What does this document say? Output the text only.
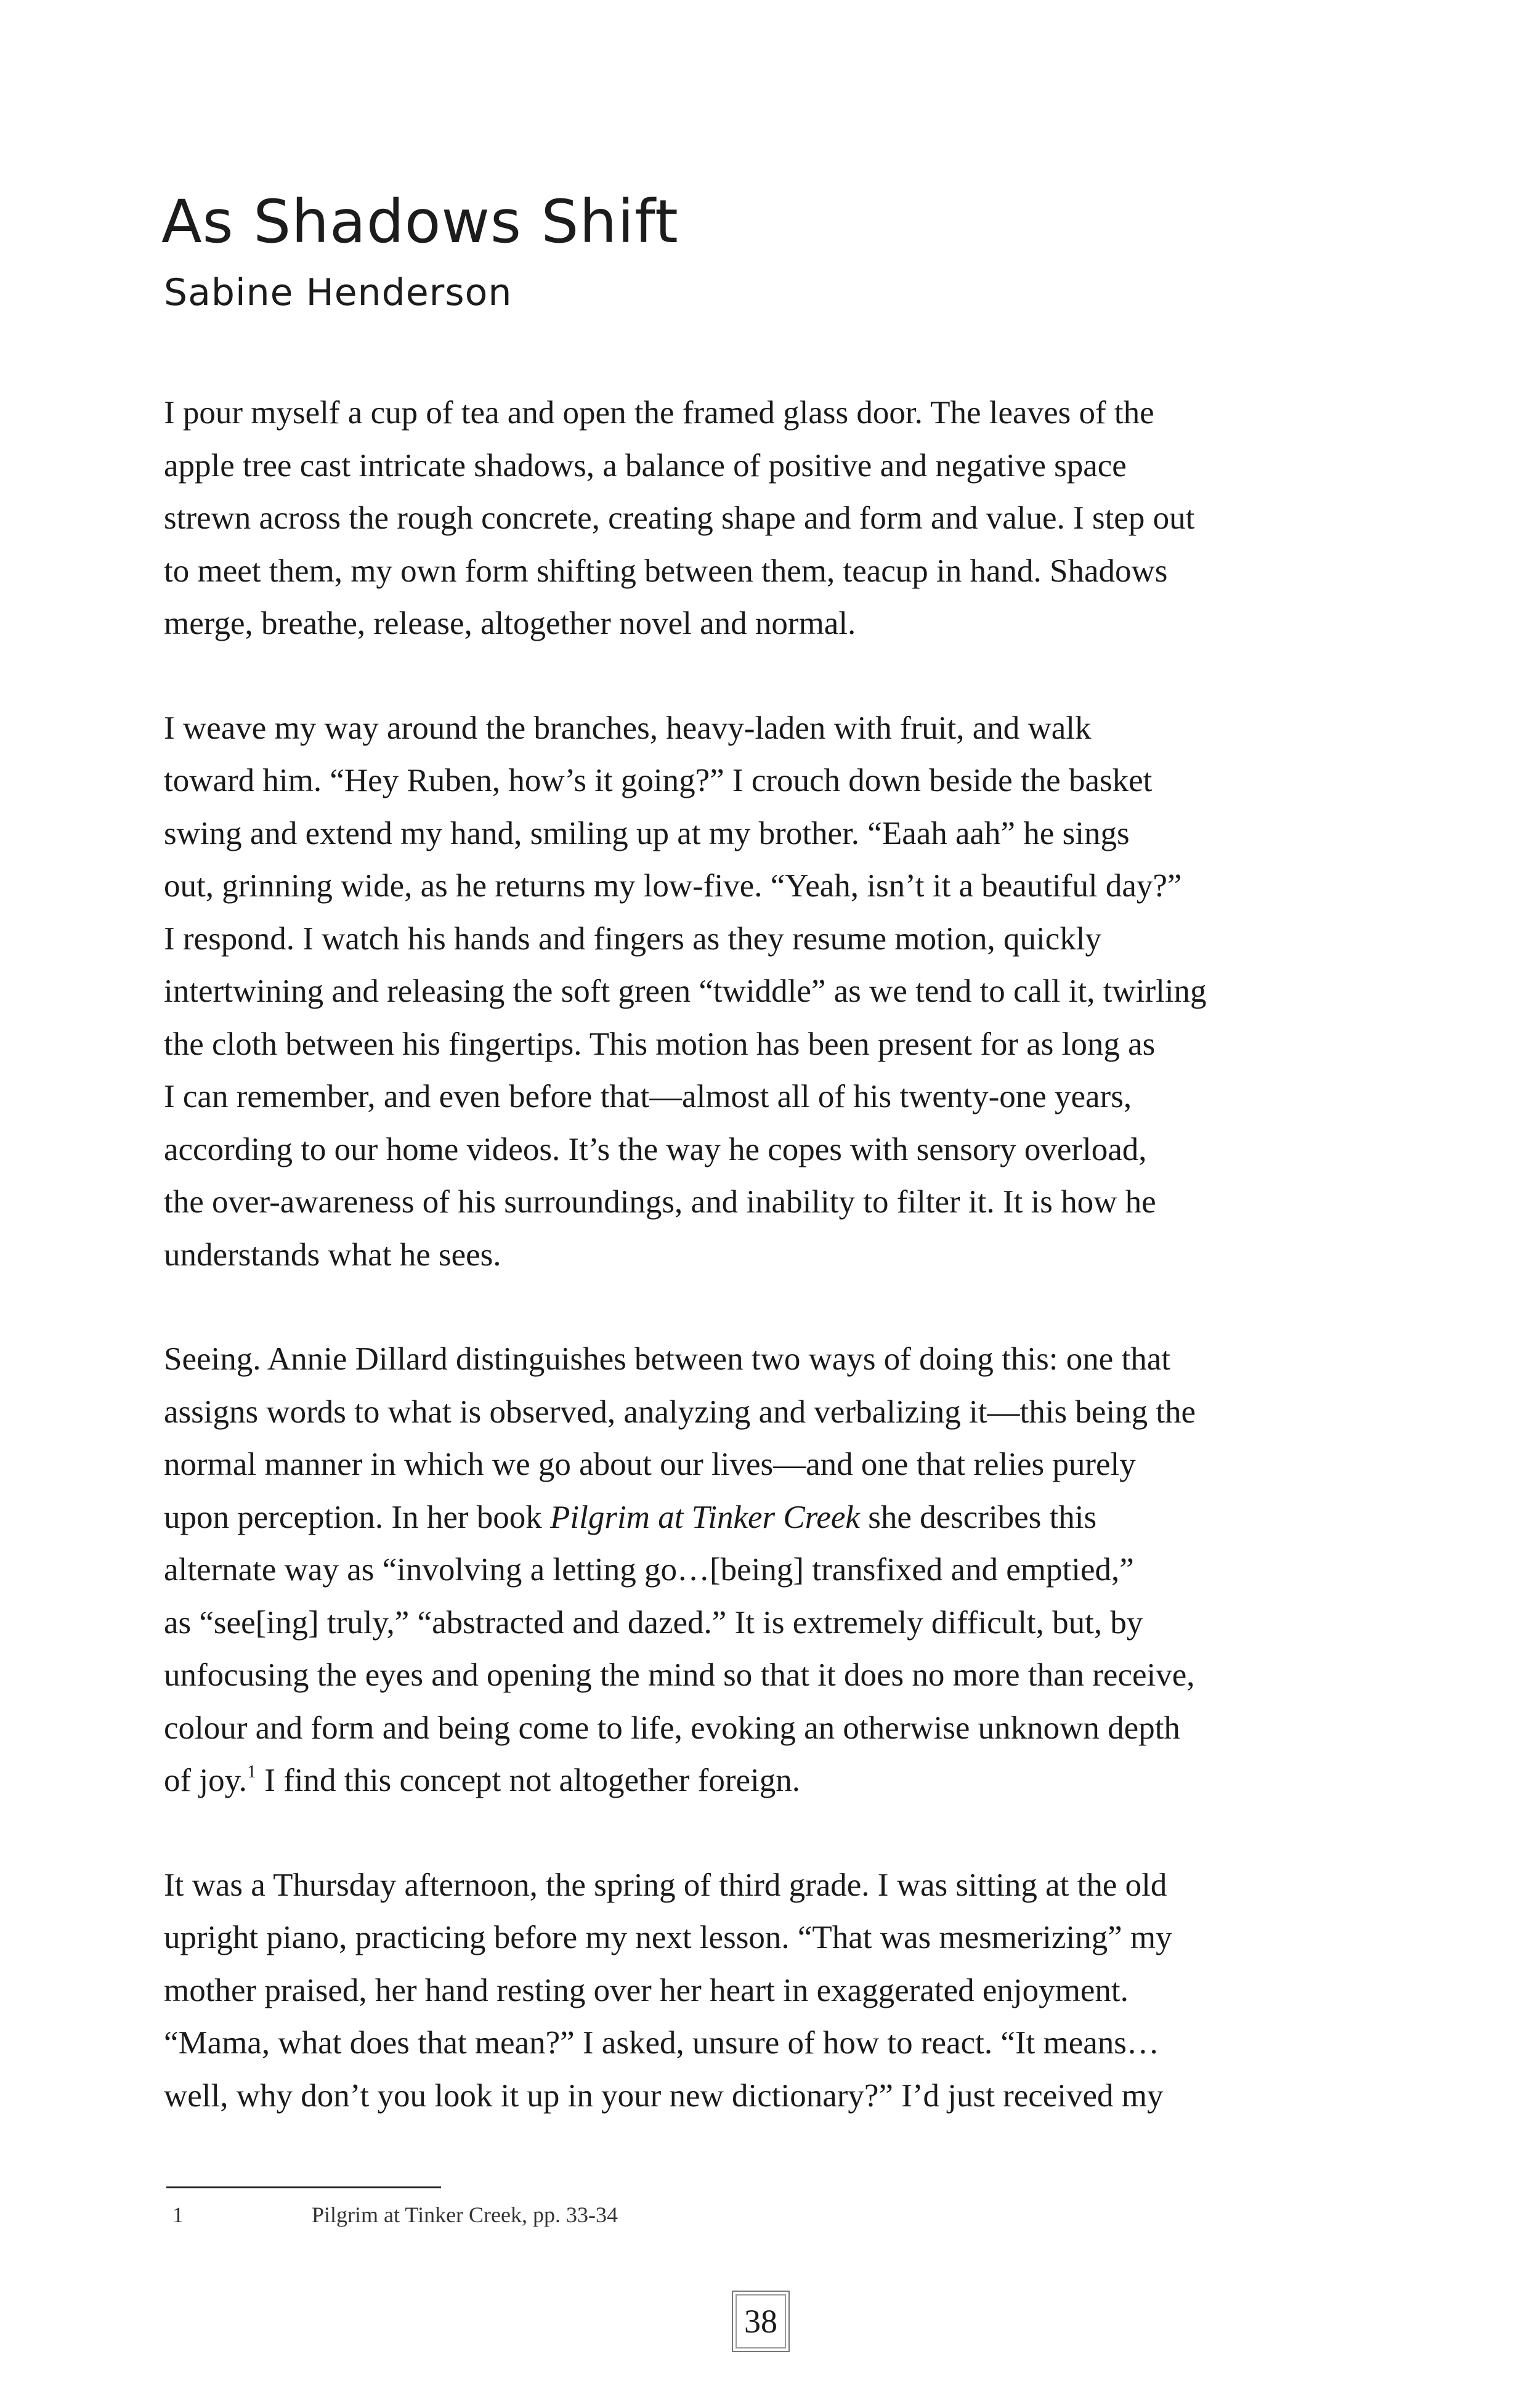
As Shadows Shift
Sabine Henderson

I pour myself a cup of tea and open the framed glass door. The leaves of the
apple tree cast intricate shadows, a balance of positive and negative space
strewn across the rough concrete, creating shape and form and value. I step out
to meet them, my own form shifting between them, teacup in hand. Shadows
merge, breathe, release, altogether novel and normal.

I weave my way around the branches, heavy-laden with fruit, and walk
toward him. “Hey Ruben, how’s it going?” I crouch down beside the basket
swing and extend my hand, smiling up at my brother. “Eaah aah” he sings
out, grinning wide, as he returns my low-five. “Yeah, isn’t it a beautiful day?”
I respond. I watch his hands and fingers as they resume motion, quickly
intertwining and releasing the soft green “twiddle” as we tend to call it, twirling
the cloth between his fingertips. This motion has been present for as long as
I can remember, and even before that—almost all of his twenty-one years,
according to our home videos. It’s the way he copes with sensory overload,
the over-awareness of his surroundings, and inability to filter it. It is how he
understands what he sees.

Seeing. Annie Dillard distinguishes between two ways of doing this: one that
assigns words to what is observed, analyzing and verbalizing it—this being the
normal manner in which we go about our lives—and one that relies purely
upon perception. In her book Pilgrim at Tinker Creek she describes this
alternate way as “involving a letting go…[being] transfixed and emptied,”
as “see[ing] truly,” “abstracted and dazed.” It is extremely difficult, but, by
unfocusing the eyes and opening the mind so that it does no more than receive,
colour and form and being come to life, evoking an otherwise unknown depth
of joy.$^1$ I find this concept not altogether foreign.

It was a Thursday afternoon, the spring of third grade. I was sitting at the old
upright piano, practicing before my next lesson. “That was mesmerizing” my
mother praised, her hand resting over her heart in exaggerated enjoyment.
“Mama, what does that mean?” I asked, unsure of how to react. “It means…
well, why don’t you look it up in your new dictionary?” I’d just received my

1	Pilgrim at Tinker Creek, pp. 33-34
38
